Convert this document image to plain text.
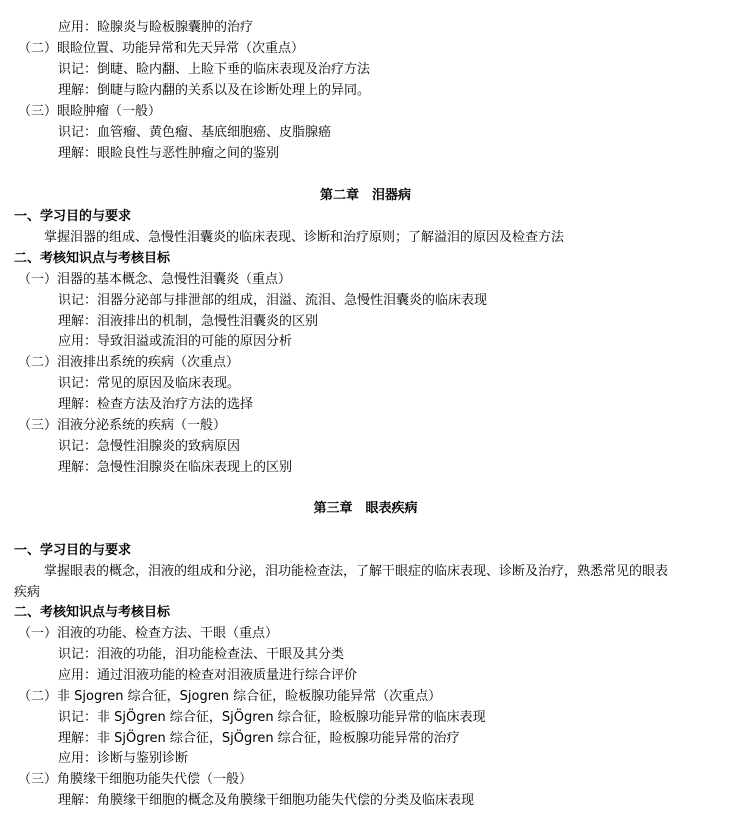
应用：睑腺炎与睑板腺囊肿的治疗
（二）眼睑位置、功能异常和先天异常（次重点）
识记：倒睫、睑内翻、上睑下垂的临床表现及治疗方法
理解：倒睫与睑内翻的关系以及在诊断处理上的异同。
（三）眼睑肿瘤（一般）
识记：血管瘤、黄色瘤、基底细胞癌、皮脂腺癌
理解：眼睑良性与恶性肿瘤之间的鉴别
第二章　泪器病
一、学习目的与要求
掌握泪器的组成、急慢性泪囊炎的临床表现、诊断和治疗原则；了解溢泪的原因及检查方法
二、考核知识点与考核目标
（一）泪器的基本概念、急慢性泪囊炎（重点）
识记：泪器分泌部与排泄部的组成，泪溢、流泪、急慢性泪囊炎的临床表现
理解：泪液排出的机制，急慢性泪囊炎的区别
应用：导致泪溢或流泪的可能的原因分析
（二）泪液排出系统的疾病（次重点）
识记：常见的原因及临床表现。
理解：检查方法及治疗方法的选择
（三）泪液分泌系统的疾病（一般）
识记：急慢性泪腺炎的致病原因
理解：急慢性泪腺炎在临床表现上的区别
第三章　眼表疾病
一、学习目的与要求
掌握眼表的概念，泪液的组成和分泌，泪功能检查法，了解干眼症的临床表现、诊断及治疗，熟悉常见的眼表
疾病
二、考核知识点与考核目标
（一）泪液的功能、检查方法、干眼（重点）
识记：泪液的功能，泪功能检查法、干眼及其分类
应用：通过泪液功能的检查对泪液质量进行综合评价
（二）非 Sjogren 综合征，Sjogren 综合征，睑板腺功能异常（次重点）
识记：非 SjÖgren 综合征，SjÖgren 综合征，睑板腺功能异常的临床表现
理解：非 SjÖgren 综合征，SjÖgren 综合征，睑板腺功能异常的治疗
应用：诊断与鉴别诊断
（三）角膜缘干细胞功能失代偿（一般）
理解：角膜缘干细胞的概念及角膜缘干细胞功能失代偿的分类及临床表现
